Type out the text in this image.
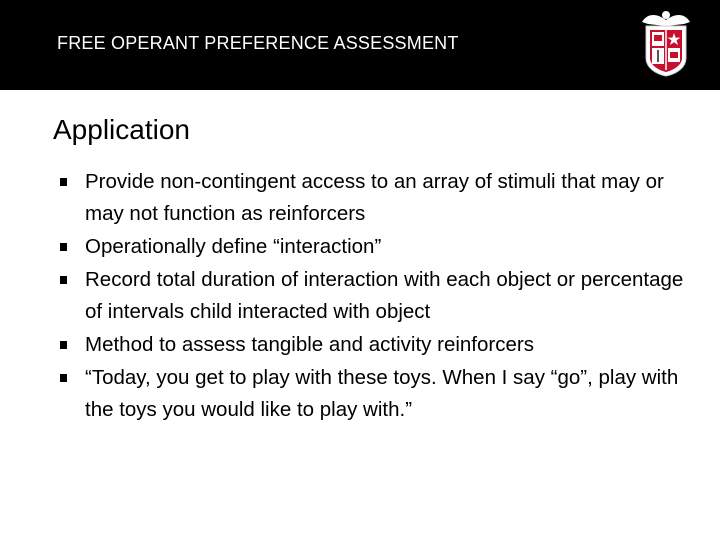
FREE OPERANT PREFERENCE ASSESSMENT
Application
Provide non-contingent access to an array of stimuli that may or may not function as reinforcers
Operationally define “interaction”
Record total duration of interaction with each object or percentage of intervals child interacted with object
Method to assess tangible and activity reinforcers
“Today, you get to play with these toys. When I say “go”, play with the toys you would like to play with.”
